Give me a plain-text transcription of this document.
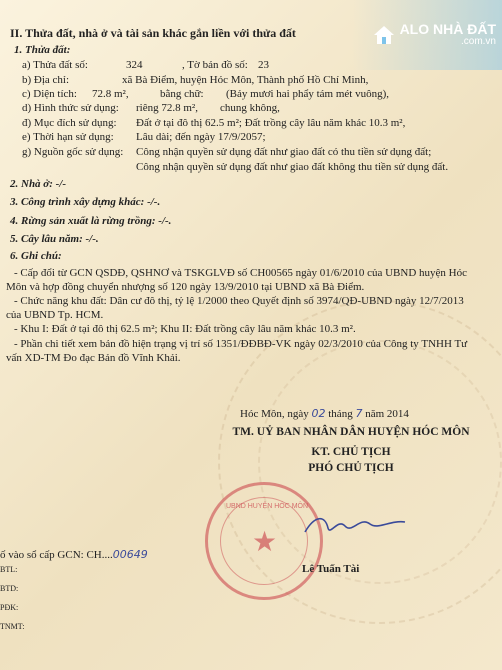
ALO NHÀ ĐẤT
.com.vn
II. Thửa đất, nhà ở và tài sản khác gắn liền với thửa đất
1. Thửa đất:
a) Thửa đất số:	324	, Tờ bản đồ số: 23
b) Địa chỉ:	xã Bà Điểm, huyện Hóc Môn, Thành phố Hồ Chí Minh,
c) Diện tích: 72.8 m²,	bằng chữ: (Bảy mươi hai phẩy tám mét vuông),
d) Hình thức sử dụng: riêng 72.8 m², chung không,
đ) Mục đích sử dụng: Đất ở tại đô thị 62.5 m²; Đất trồng cây lâu năm khác 10.3 m²,
e) Thời hạn sử dụng: Lâu dài; đến ngày 17/9/2057;
g) Nguồn gốc sử dụng: Công nhận quyền sử dụng đất như giao đất có thu tiền sử dụng đất;
Công nhận quyền sử dụng đất như giao đất không thu tiền sử dụng đất.
2. Nhà ở: -/-
3. Công trình xây dựng khác: -/-.
4. Rừng sản xuất là rừng trồng: -/-.
5. Cây lâu năm: -/-.
6. Ghi chú:
- Cấp đổi từ GCN QSDĐ, QSHNƠ và TSKGLVĐ số CH00565 ngày 01/6/2010 của UBND huyện Hóc
Môn và hợp đồng chuyển nhượng số 120 ngày 13/9/2010 tại UBND xã Bà Điểm.
- Chức năng khu đất: Dân cư đô thị, tỷ lệ 1/2000 theo Quyết định số 3974/QĐ-UBND ngày 12/7/2013
của UBND Tp. HCM.
- Khu I: Đất ở tại đô thị 62.5 m²; Khu II: Đất trồng cây lâu năm khác 10.3 m².
- Phần chi tiết xem bản đồ hiện trạng vị trí số 1351/ĐĐBĐ-VK ngày 02/3/2010 của Công ty TNHH Tư
vấn XD-TM Đo đạc Bản đồ Vĩnh Khải.
Hóc Môn, ngày 02 tháng 7 năm 2014
TM. UỶ BAN NHÂN DÂN HUYỆN HÓC MÔN
KT. CHỦ TỊCH
PHÓ CHỦ TỊCH
UBND HUYỆN HÓC MÔN
★
Lê Tuấn Tài
ố vào sổ cấp GCN: CH....00649
BTL:
BTD:
PĐK:
TNMT:
